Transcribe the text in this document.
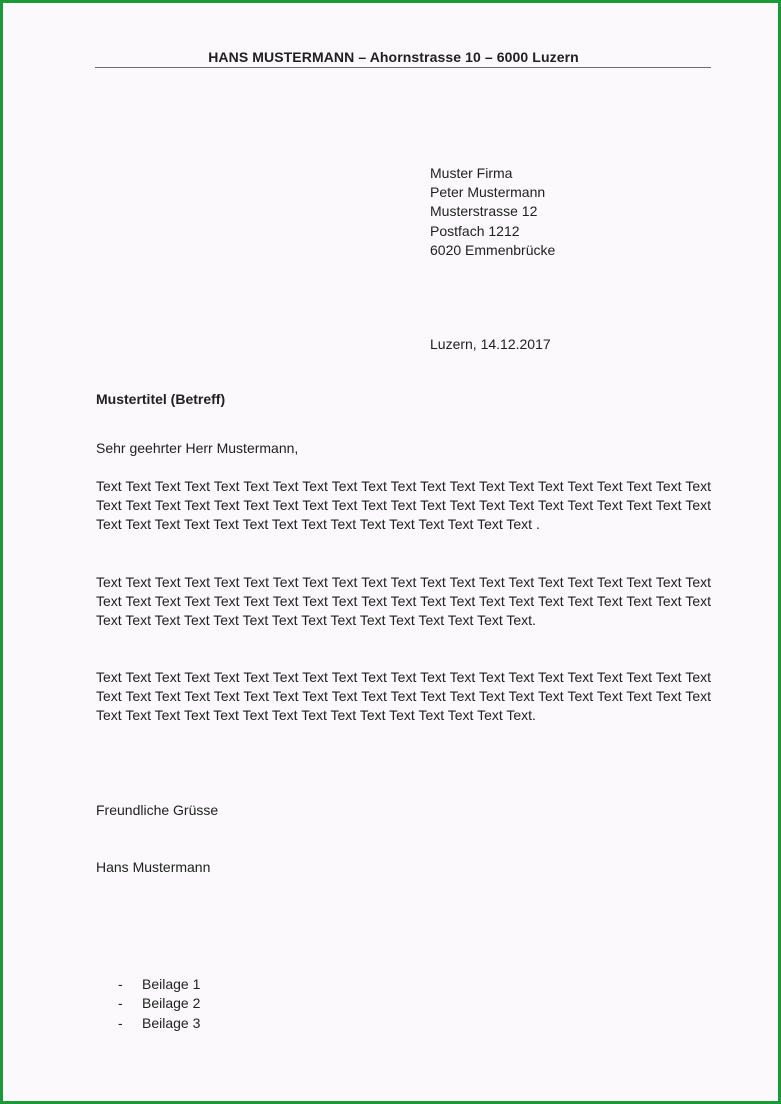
HANS MUSTERMANN – Ahornstrasse 10 – 6000 Luzern
Muster Firma
Peter Mustermann
Musterstrasse 12
Postfach 1212
6020 Emmenbrücke
Luzern, 14.12.2017
Mustertitel (Betreff)
Sehr geehrter Herr Mustermann,
Text Text Text Text Text Text Text Text Text Text Text Text Text Text Text Text Text Text Text Text Text Text Text Text Text Text Text Text Text Text Text Text Text Text Text Text Text Text Text Text Text Text Text Text Text Text Text Text Text Text Text Text Text Text Text Text Text .
Text Text Text Text Text Text Text Text Text Text Text Text Text Text Text Text Text Text Text Text Text Text Text Text Text Text Text Text Text Text Text Text Text Text Text Text Text Text Text Text Text Text Text Text Text Text Text Text Text Text Text Text Text Text Text Text Text.
Text Text Text Text Text Text Text Text Text Text Text Text Text Text Text Text Text Text Text Text Text Text Text Text Text Text Text Text Text Text Text Text Text Text Text Text Text Text Text Text Text Text Text Text Text Text Text Text Text Text Text Text Text Text Text Text Text.
Freundliche Grüsse
Hans Mustermann
- Beilage 1
- Beilage 2
- Beilage 3
